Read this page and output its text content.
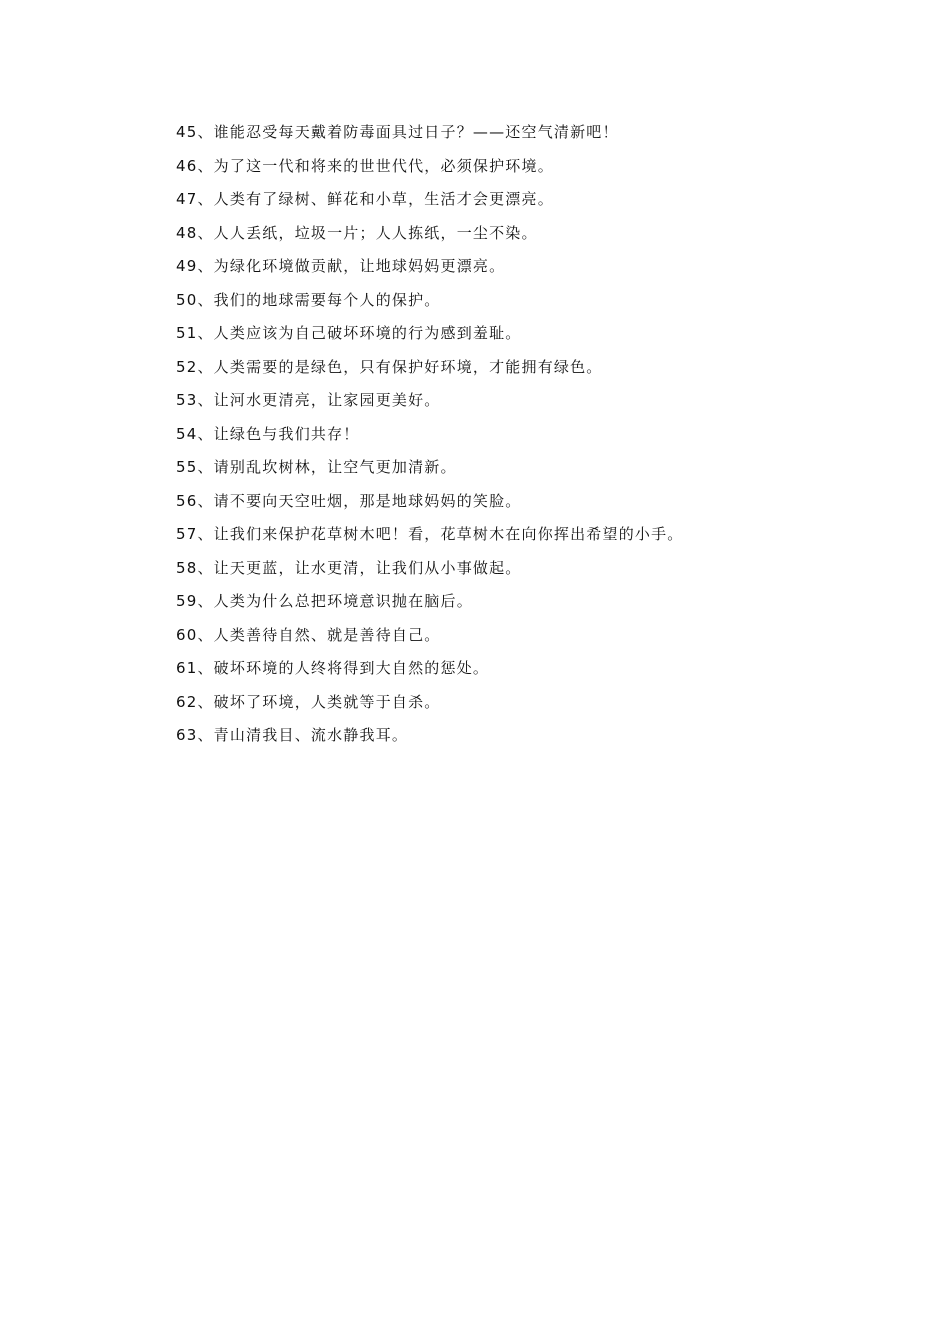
45、谁能忍受每天戴着防毒面具过日子？——还空气清新吧！
46、为了这一代和将来的世世代代，必须保护环境。
47、人类有了绿树、鲜花和小草，生活才会更漂亮。
48、人人丢纸，垃圾一片；人人拣纸，一尘不染。
49、为绿化环境做贡献，让地球妈妈更漂亮。
50、我们的地球需要每个人的保护。
51、人类应该为自己破坏环境的行为感到羞耻。
52、人类需要的是绿色，只有保护好环境，才能拥有绿色。
53、让河水更清亮，让家园更美好。
54、让绿色与我们共存！
55、请别乱坎树林，让空气更加清新。
56、请不要向天空吐烟，那是地球妈妈的笑脸。
57、让我们来保护花草树木吧！看，花草树木在向你挥出希望的小手。
58、让天更蓝，让水更清，让我们从小事做起。
59、人类为什么总把环境意识抛在脑后。
60、人类善待自然、就是善待自己。
61、破坏环境的人终将得到大自然的惩处。
62、破坏了环境，人类就等于自杀。
63、青山清我目、流水静我耳。
